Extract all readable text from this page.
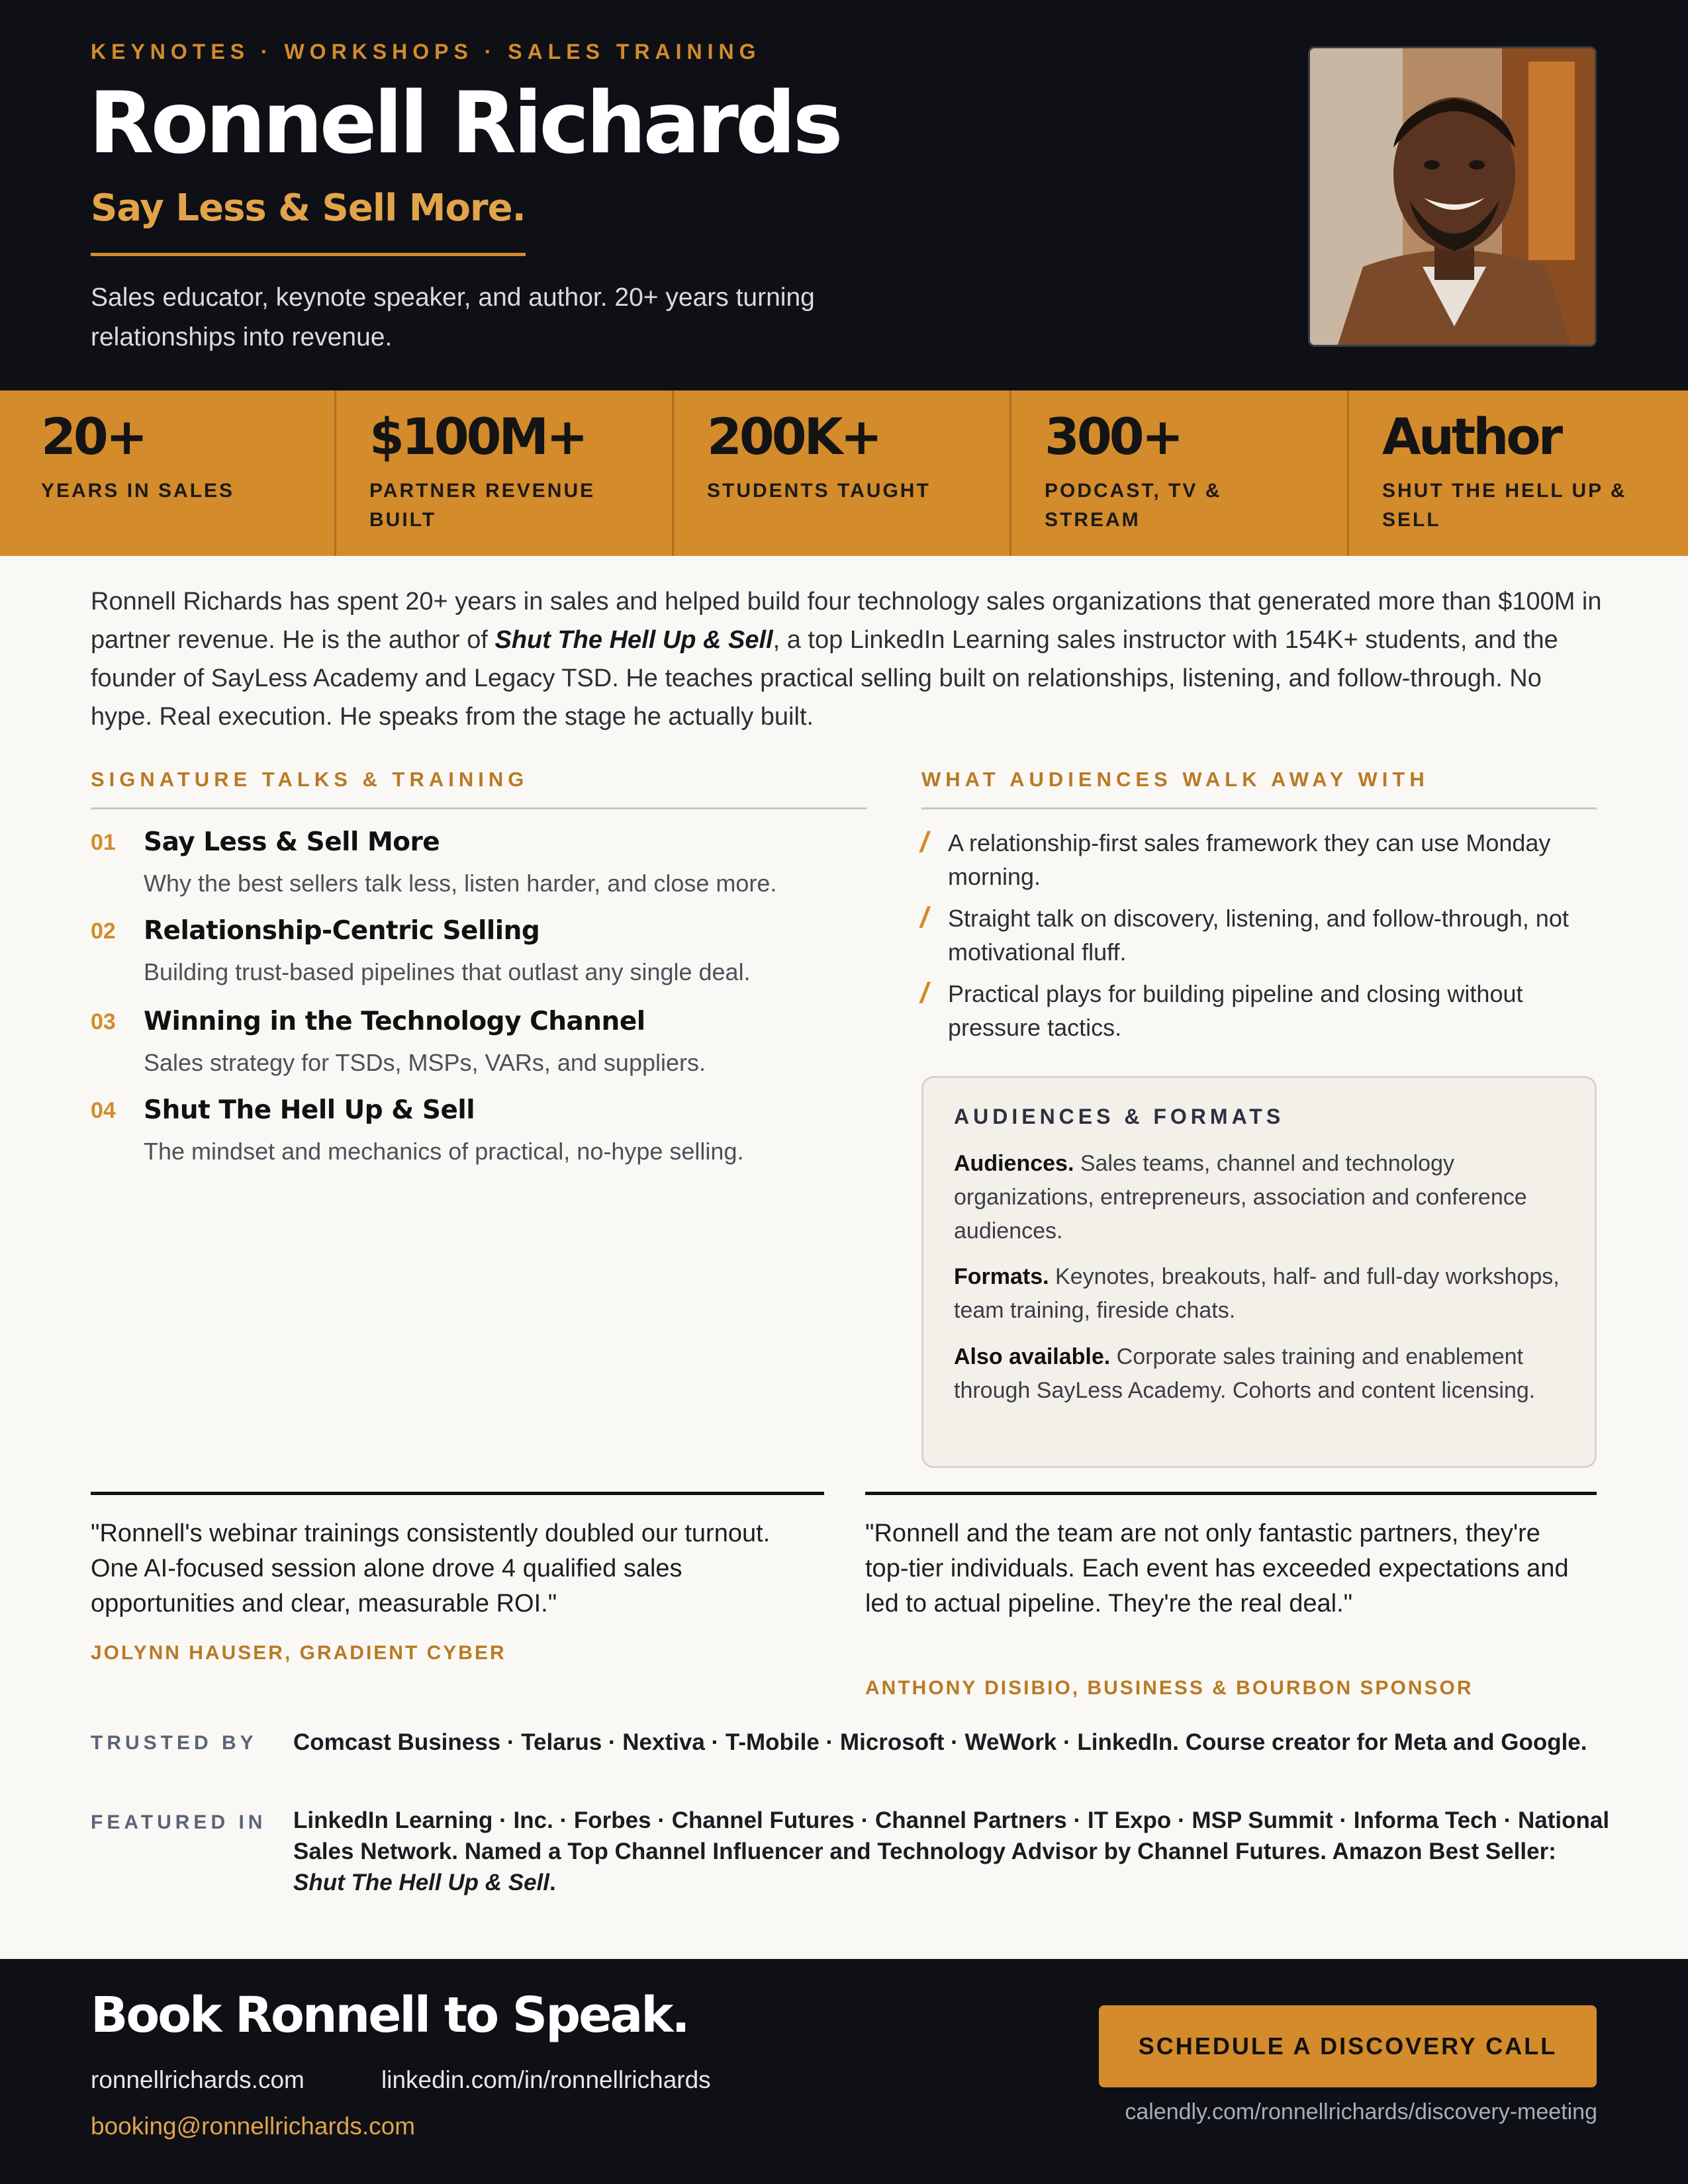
KEYNOTES · WORKSHOPS · SALES TRAINING
Ronnell Richards
Say Less & Sell More.
Sales educator, keynote speaker, and author. 20+ years turning relationships into revenue.
20+
YEARS IN SALES
$100M+
PARTNER REVENUE BUILT
200K+
STUDENTS TAUGHT
300+
PODCAST, TV & STREAM
Author
SHUT THE HELL UP & SELL

Ronnell Richards has spent 20+ years in sales and helped build four technology sales organizations that generated more than $100M in partner revenue. He is the author of Shut The Hell Up & Sell, a top LinkedIn Learning sales instructor with 154K+ students, and the founder of SayLess Academy and Legacy TSD. He teaches practical selling built on relationships, listening, and follow-through. No hype. Real execution. He speaks from the stage he actually built.

SIGNATURE TALKS & TRAINING
01 Say Less & Sell More
Why the best sellers talk less, listen harder, and close more.
02 Relationship-Centric Selling
Building trust-based pipelines that outlast any single deal.
03 Winning in the Technology Channel
Sales strategy for TSDs, MSPs, VARs, and suppliers.
04 Shut The Hell Up & Sell
The mindset and mechanics of practical, no-hype selling.
WHAT AUDIENCES WALK AWAY WITH
/ A relationship-first sales framework they can use Monday morning.
/ Straight talk on discovery, listening, and follow-through, not motivational fluff.
/ Practical plays for building pipeline and closing without pressure tactics.
AUDIENCES & FORMATS

Audiences. Sales teams, channel and technology organizations, entrepreneurs, association and conference audiences.

Formats. Keynotes, breakouts, half- and full-day workshops, team training, fireside chats.

Also available. Corporate sales training and enablement through SayLess Academy. Cohorts and content licensing.

"Ronnell's webinar trainings consistently doubled our turnout. One AI-focused session alone drove 4 qualified sales opportunities and clear, measurable ROI."

JOLYNN HAUSER, GRADIENT CYBER

"Ronnell and the team are not only fantastic partners, they're top-tier individuals. Each event has exceeded expectations and led to actual pipeline. They're the real deal."

ANTHONY DISIBIO, BUSINESS & BOURBON SPONSOR
TRUSTED BY Comcast Business · Telarus · Nextiva · T-Mobile · Microsoft · WeWork · LinkedIn. Course creator for Meta and Google.

FEATURED IN LinkedIn Learning · Inc. · Forbes · Channel Futures · Channel Partners · IT Expo · MSP Summit · Informa Tech · National Sales Network. Named a Top Channel Influencer and Technology Advisor by Channel Futures. Amazon Best Seller: Shut The Hell Up & Sell.

Book Ronnell to Speak.
ronnellrichards.com	linkedin.com/in/ronnellrichards
booking@ronnellrichards.com
SCHEDULE A DISCOVERY CALL
calendly.com/ronnellrichards/discovery-meeting
